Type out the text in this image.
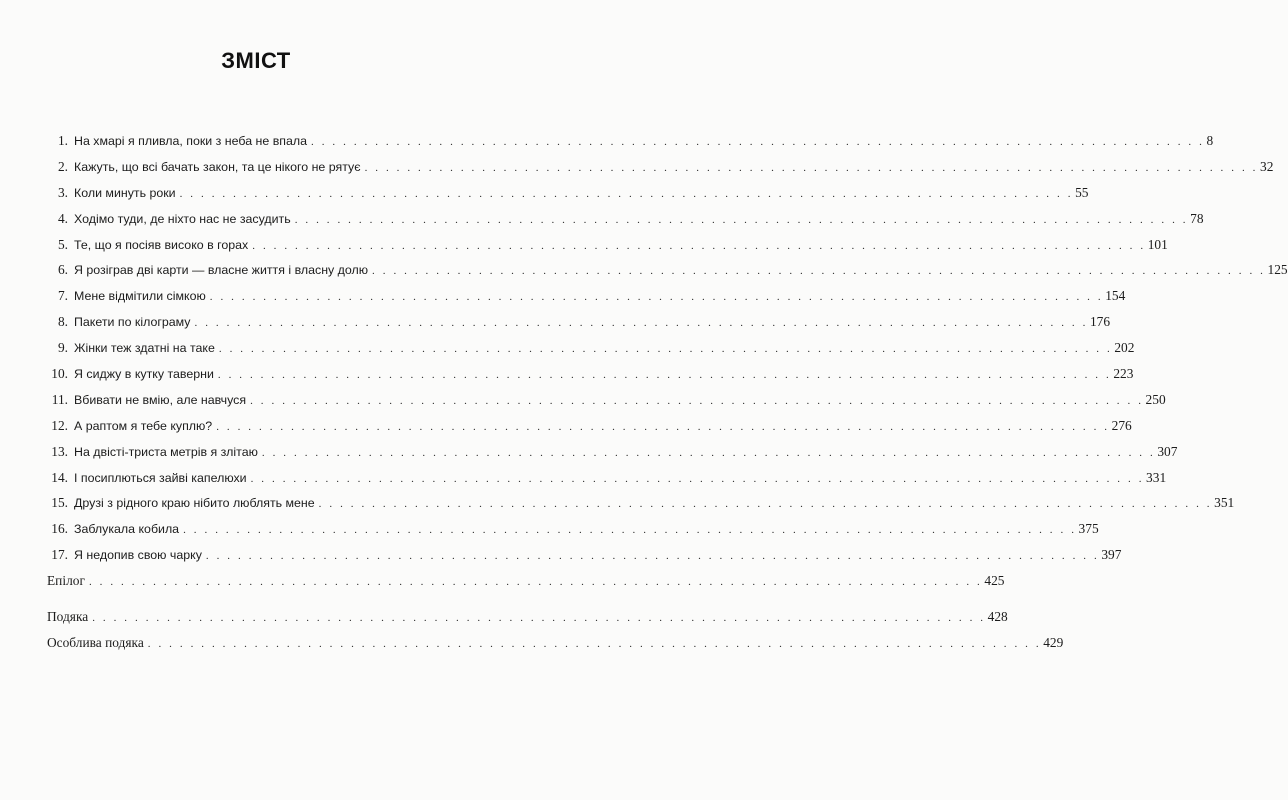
ЗМІСТ
1. На хмарі я пливла, поки з неба не впала . . .	8
2. Кажуть, що всі бачать закон, та це нікого не рятує . . .	32
3. Коли минуть роки . . .	55
4. Ходімо туди, де ніхто нас не засудить . . .	78
5. Те, що я посіяв високо в горах . . .	101
6. Я розіграв дві карти — власне життя і власну долю . . .	125
7. Мене відмітили сімкою . . .	154
8. Пакети по кілограму . . .	176
9. Жінки теж здатні на таке . . .	202
10. Я сиджу в кутку таверни . . .	223
11. Вбивати не вмію, але навчуся . . .	250
12. А раптом я тебе куплю? . . .	276
13. На двісті-триста метрів я злітаю . . .	307
14. І посиплються зайві капелюхи . . .	331
15. Друзі з рідного краю нібито люблять мене . . .	351
16. Заблукала кобила . . .	375
17. Я недопив свою чарку . . .	397
Епілог . . .	425
Подяка . . .	428
Особлива подяка . . .	429
